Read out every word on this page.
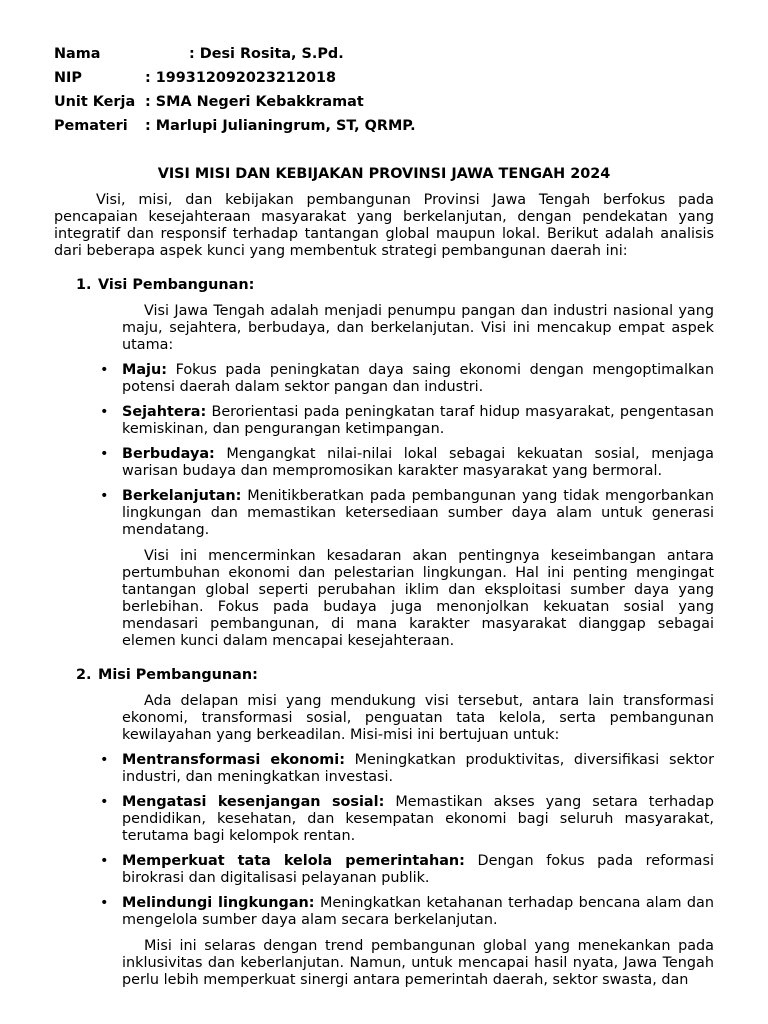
Nama	: Desi Rosita, S.Pd.
NIP	: 199312092023212018
Unit Kerja : SMA Negeri Kebakkramat
Pemateri : Marlupi Julianingrum, ST, QRMP.
VISI MISI DAN KEBIJAKAN PROVINSI JAWA TENGAH 2024

Visi, misi, dan kebijakan pembangunan Provinsi Jawa Tengah berfokus pada pencapaian kesejahteraan masyarakat yang berkelanjutan, dengan pendekatan yang integratif dan responsif terhadap tantangan global maupun lokal. Berikut adalah analisis dari beberapa aspek kunci yang membentuk strategi pembangunan daerah ini:

1. Visi Pembangunan:

Visi Jawa Tengah adalah menjadi penumpu pangan dan industri nasional yang maju, sejahtera, berbudaya, dan berkelanjutan. Visi ini mencakup empat aspek utama:

• Maju: Fokus pada peningkatan daya saing ekonomi dengan mengoptimalkan potensi daerah dalam sektor pangan dan industri.
• Sejahtera: Berorientasi pada peningkatan taraf hidup masyarakat, pengentasan kemiskinan, dan pengurangan ketimpangan.
• Berbudaya: Mengangkat nilai-nilai lokal sebagai kekuatan sosial, menjaga warisan budaya dan mempromosikan karakter masyarakat yang bermoral.
• Berkelanjutan: Menitikberatkan pada pembangunan yang tidak mengorbankan lingkungan dan memastikan ketersediaan sumber daya alam untuk generasi mendatang.

Visi ini mencerminkan kesadaran akan pentingnya keseimbangan antara pertumbuhan ekonomi dan pelestarian lingkungan. Hal ini penting mengingat tantangan global seperti perubahan iklim dan eksploitasi sumber daya yang berlebihan. Fokus pada budaya juga menonjolkan kekuatan sosial yang mendasari pembangunan, di mana karakter masyarakat dianggap sebagai elemen kunci dalam mencapai kesejahteraan.

2. Misi Pembangunan:

Ada delapan misi yang mendukung visi tersebut, antara lain transformasi ekonomi, transformasi sosial, penguatan tata kelola, serta pembangunan kewilayahan yang berkeadilan. Misi-misi ini bertujuan untuk:

• Mentransformasi ekonomi: Meningkatkan produktivitas, diversifikasi sektor industri, dan meningkatkan investasi.
• Mengatasi kesenjangan sosial: Memastikan akses yang setara terhadap pendidikan, kesehatan, dan kesempatan ekonomi bagi seluruh masyarakat, terutama bagi kelompok rentan.
• Memperkuat tata kelola pemerintahan: Dengan fokus pada reformasi birokrasi dan digitalisasi pelayanan publik.
• Melindungi lingkungan: Meningkatkan ketahanan terhadap bencana alam dan mengelola sumber daya alam secara berkelanjutan.

Misi ini selaras dengan trend pembangunan global yang menekankan pada inklusivitas dan keberlanjutan. Namun, untuk mencapai hasil nyata, Jawa Tengah perlu lebih memperkuat sinergi antara pemerintah daerah, sektor swasta, dan
